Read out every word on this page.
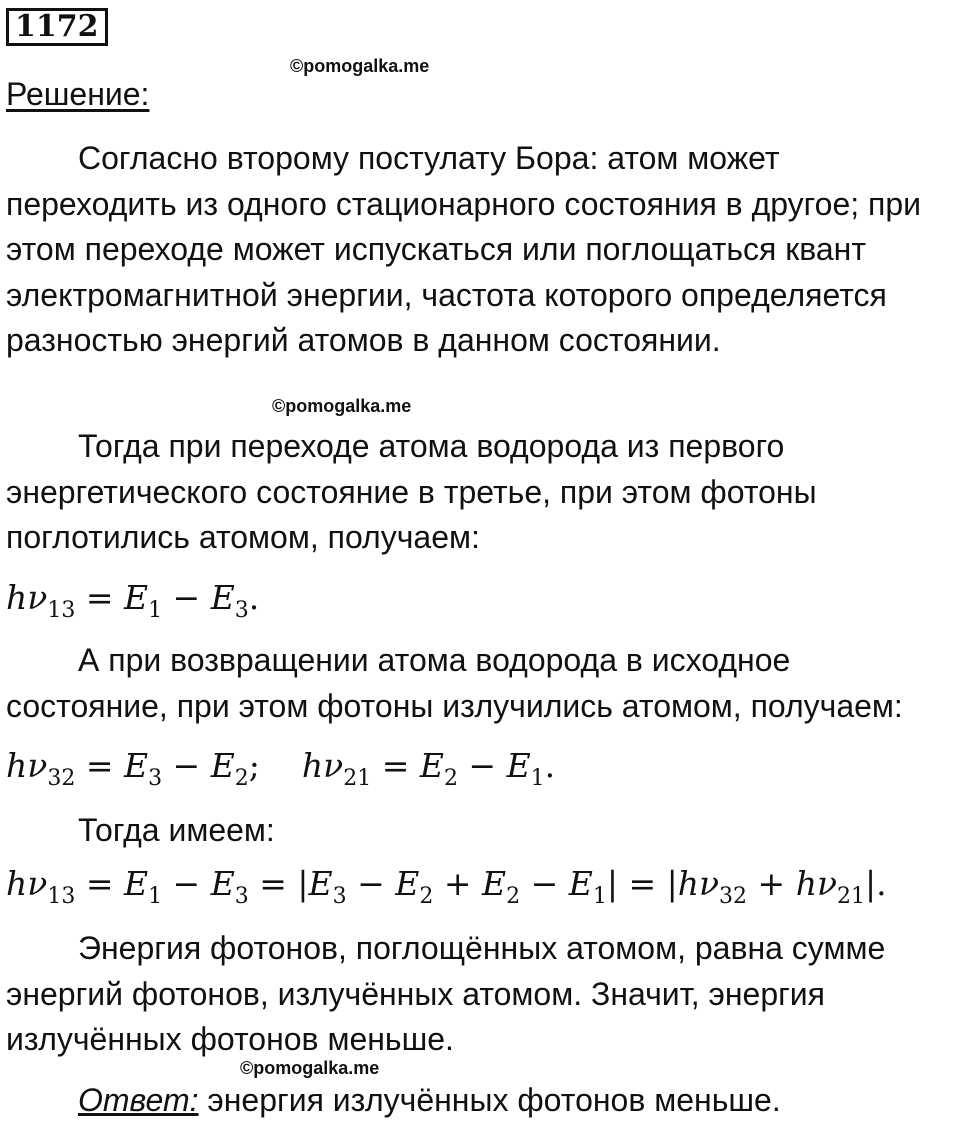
1172
©pomogalka.me
Решение:

Согласно второму постулату Бора: атом может переходить из одного стационарного состояния в другое; при этом переходе может испускаться или поглощаться квант электромагнитной энергии, частота которого определяется разностью энергий атомов в данном состоянии.

©pomogalka.me

Тогда при переходе атома водорода из первого энергетического состояние в третье, при этом фотоны поглотились атомом, получаем:

$h\nu_{13} = E_1 - E_3$.

А при возвращении атома водорода в исходное состояние, при этом фотоны излучились атомом, получаем:

$h\nu_{32} = E_3 - E_2$;    $h\nu_{21} = E_2 - E_1$.

Тогда имеем:

$h\nu_{13} = E_1 - E_3 = |E_3 - E_2 + E_2 - E_1| = |h\nu_{32} + h\nu_{21}|$.

Энергия фотонов, поглощённых атомом, равна сумме энергий фотонов, излучённых атомом. Значит, энергия излучённых фотонов меньше.

©pomogalka.me
Ответ: энергия излучённых фотонов меньше.
